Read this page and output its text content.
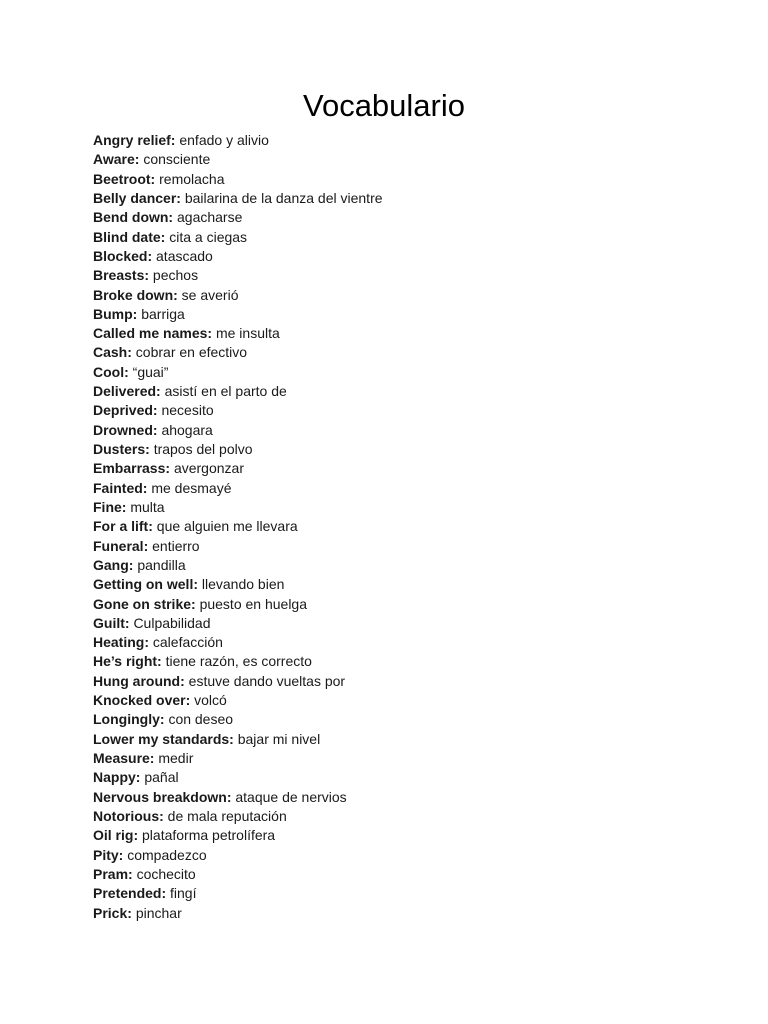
Vocabulario
Angry relief: enfado y alivio
Aware: consciente
Beetroot: remolacha
Belly dancer: bailarina de la danza del vientre
Bend down: agacharse
Blind date: cita a ciegas
Blocked: atascado
Breasts: pechos
Broke down: se averió
Bump: barriga
Called me names: me insulta
Cash: cobrar en efectivo
Cool: “guai”
Delivered: asistí en el parto de
Deprived: necesito
Drowned: ahogara
Dusters: trapos del polvo
Embarrass: avergonzar
Fainted: me desmayé
Fine: multa
For a lift: que alguien me llevara
Funeral: entierro
Gang: pandilla
Getting on well: llevando bien
Gone on strike: puesto en huelga
Guilt: Culpabilidad
Heating: calefacción
He’s right: tiene razón, es correcto
Hung around: estuve dando vueltas por
Knocked over: volcó
Longingly: con deseo
Lower my standards: bajar mi nivel
Measure: medir
Nappy: pañal
Nervous breakdown: ataque de nervios
Notorious: de mala reputación
Oil rig: plataforma petrolífera
Pity: compadezco
Pram: cochecito
Pretended: fingí
Prick: pinchar
